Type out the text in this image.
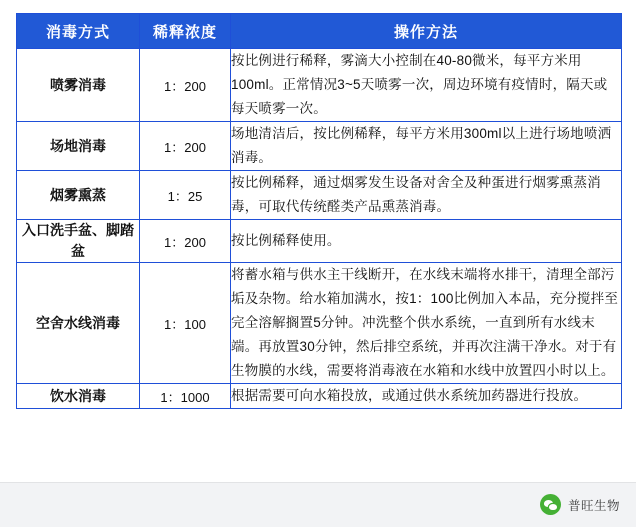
消毒方式	稀释浓度	操作方法
喷雾消毒	1：200	按比例进行稀释，雾滴大小控制在40-80微米，每平方米用100ml。正常情况3~5天喷雾一次，周边环境有疫情时，隔天或每天喷雾一次。
场地消毒	1：200	场地清洁后，按比例稀释，每平方米用300ml以上进行场地喷洒消毒。
烟雾熏蒸	1：25	按比例稀释，通过烟雾发生设备对舍全及种蛋进行烟雾熏蒸消毒，可取代传统醛类产品熏蒸消毒。
入口洗手盆、脚踏盆	1：200	按比例稀释使用。
空舍水线消毒	1：100	将蓄水箱与供水主干线断开，在水线末端将水排干，清理全部污垢及杂物。给水箱加满水，按1：100比例加入本品，充分搅拌至完全溶解搁置5分钟。冲洗整个供水系统，一直到所有水线末端。再放置30分钟，然后排空系统，并再次注满干净水。对于有生物膜的水线，需要将消毒液在水箱和水线中放置四小时以上。
饮水消毒	1：1000	根据需要可向水箱投放，或通过供水系统加药器进行投放。
普旺生物
